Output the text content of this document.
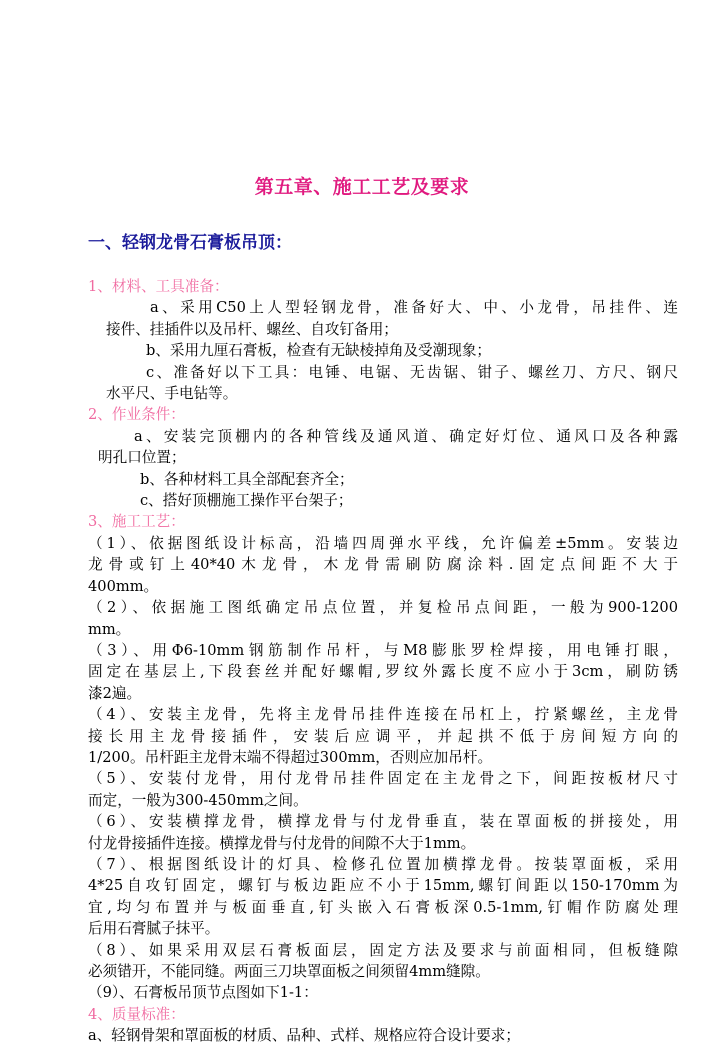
第五章、施工工艺及要求
一、轻钢龙骨石膏板吊顶：
1、材料、工具准备：
a、采用C50上人型轻钢龙骨，准备好大、中、小龙骨，吊挂件、连
接件、挂插件以及吊杆、螺丝、自攻钉备用；
b、采用九厘石膏板，检查有无缺棱掉角及受潮现象；
c、准备好以下工具：电锤、电锯、无齿锯、钳子、螺丝刀、方尺、钢尺
水平尺、手电钻等。
2、作业条件：
a、安装完顶棚内的各种管线及通风道、确定好灯位、通风口及各种露
明孔口位置；
b、各种材料工具全部配套齐全；
c、搭好顶棚施工操作平台架子；
3、施工工艺：
（1）、依据图纸设计标高，沿墙四周弹水平线，允许偏差±5mm。安装边
龙骨或钉上40*40木龙骨，木龙骨需刷防腐涂料.固定点间距不大于
400mm。
（2）、依据施工图纸确定吊点位置，并复检吊点间距，一般为900-1200
mm。
（3）、用Φ6-10mm钢筋制作吊杆，与M8膨胀罗栓焊接，用电锤打眼，
固定在基层上,下段套丝并配好螺帽,罗纹外露长度不应小于3cm，刷防锈
漆2遍。
（4）、安装主龙骨，先将主龙骨吊挂件连接在吊杠上，拧紧螺丝，主龙骨
接长用主龙骨接插件，安装后应调平，并起拱不低于房间短方向的
1/200。吊杆距主龙骨末端不得超过300mm，否则应加吊杆。
（5）、安装付龙骨，用付龙骨吊挂件固定在主龙骨之下，间距按板材尺寸
而定，一般为300-450mm之间。
（6）、安装横撑龙骨，横撑龙骨与付龙骨垂直，装在罩面板的拼接处，用
付龙骨接插件连接。横撑龙骨与付龙骨的间隙不大于1mm。
（7）、根据图纸设计的灯具、检修孔位置加横撑龙骨。按装罩面板，采用
4*25自攻钉固定，螺钉与板边距应不小于15mm,螺钉间距以150-170mm为
宜,均匀布置并与板面垂直,钉头嵌入石膏板深0.5-1mm,钉帽作防腐处理
后用石膏腻子抹平。
（8）、如果采用双层石膏板面层，固定方法及要求与前面相同，但板缝隙
必须错开，不能同缝。两面三刀块罩面板之间须留4mm缝隙。
（9）、石膏板吊顶节点图如下1-1：
4、质量标准：
a、轻钢骨架和罩面板的材质、品种、式样、规格应符合设计要求；
